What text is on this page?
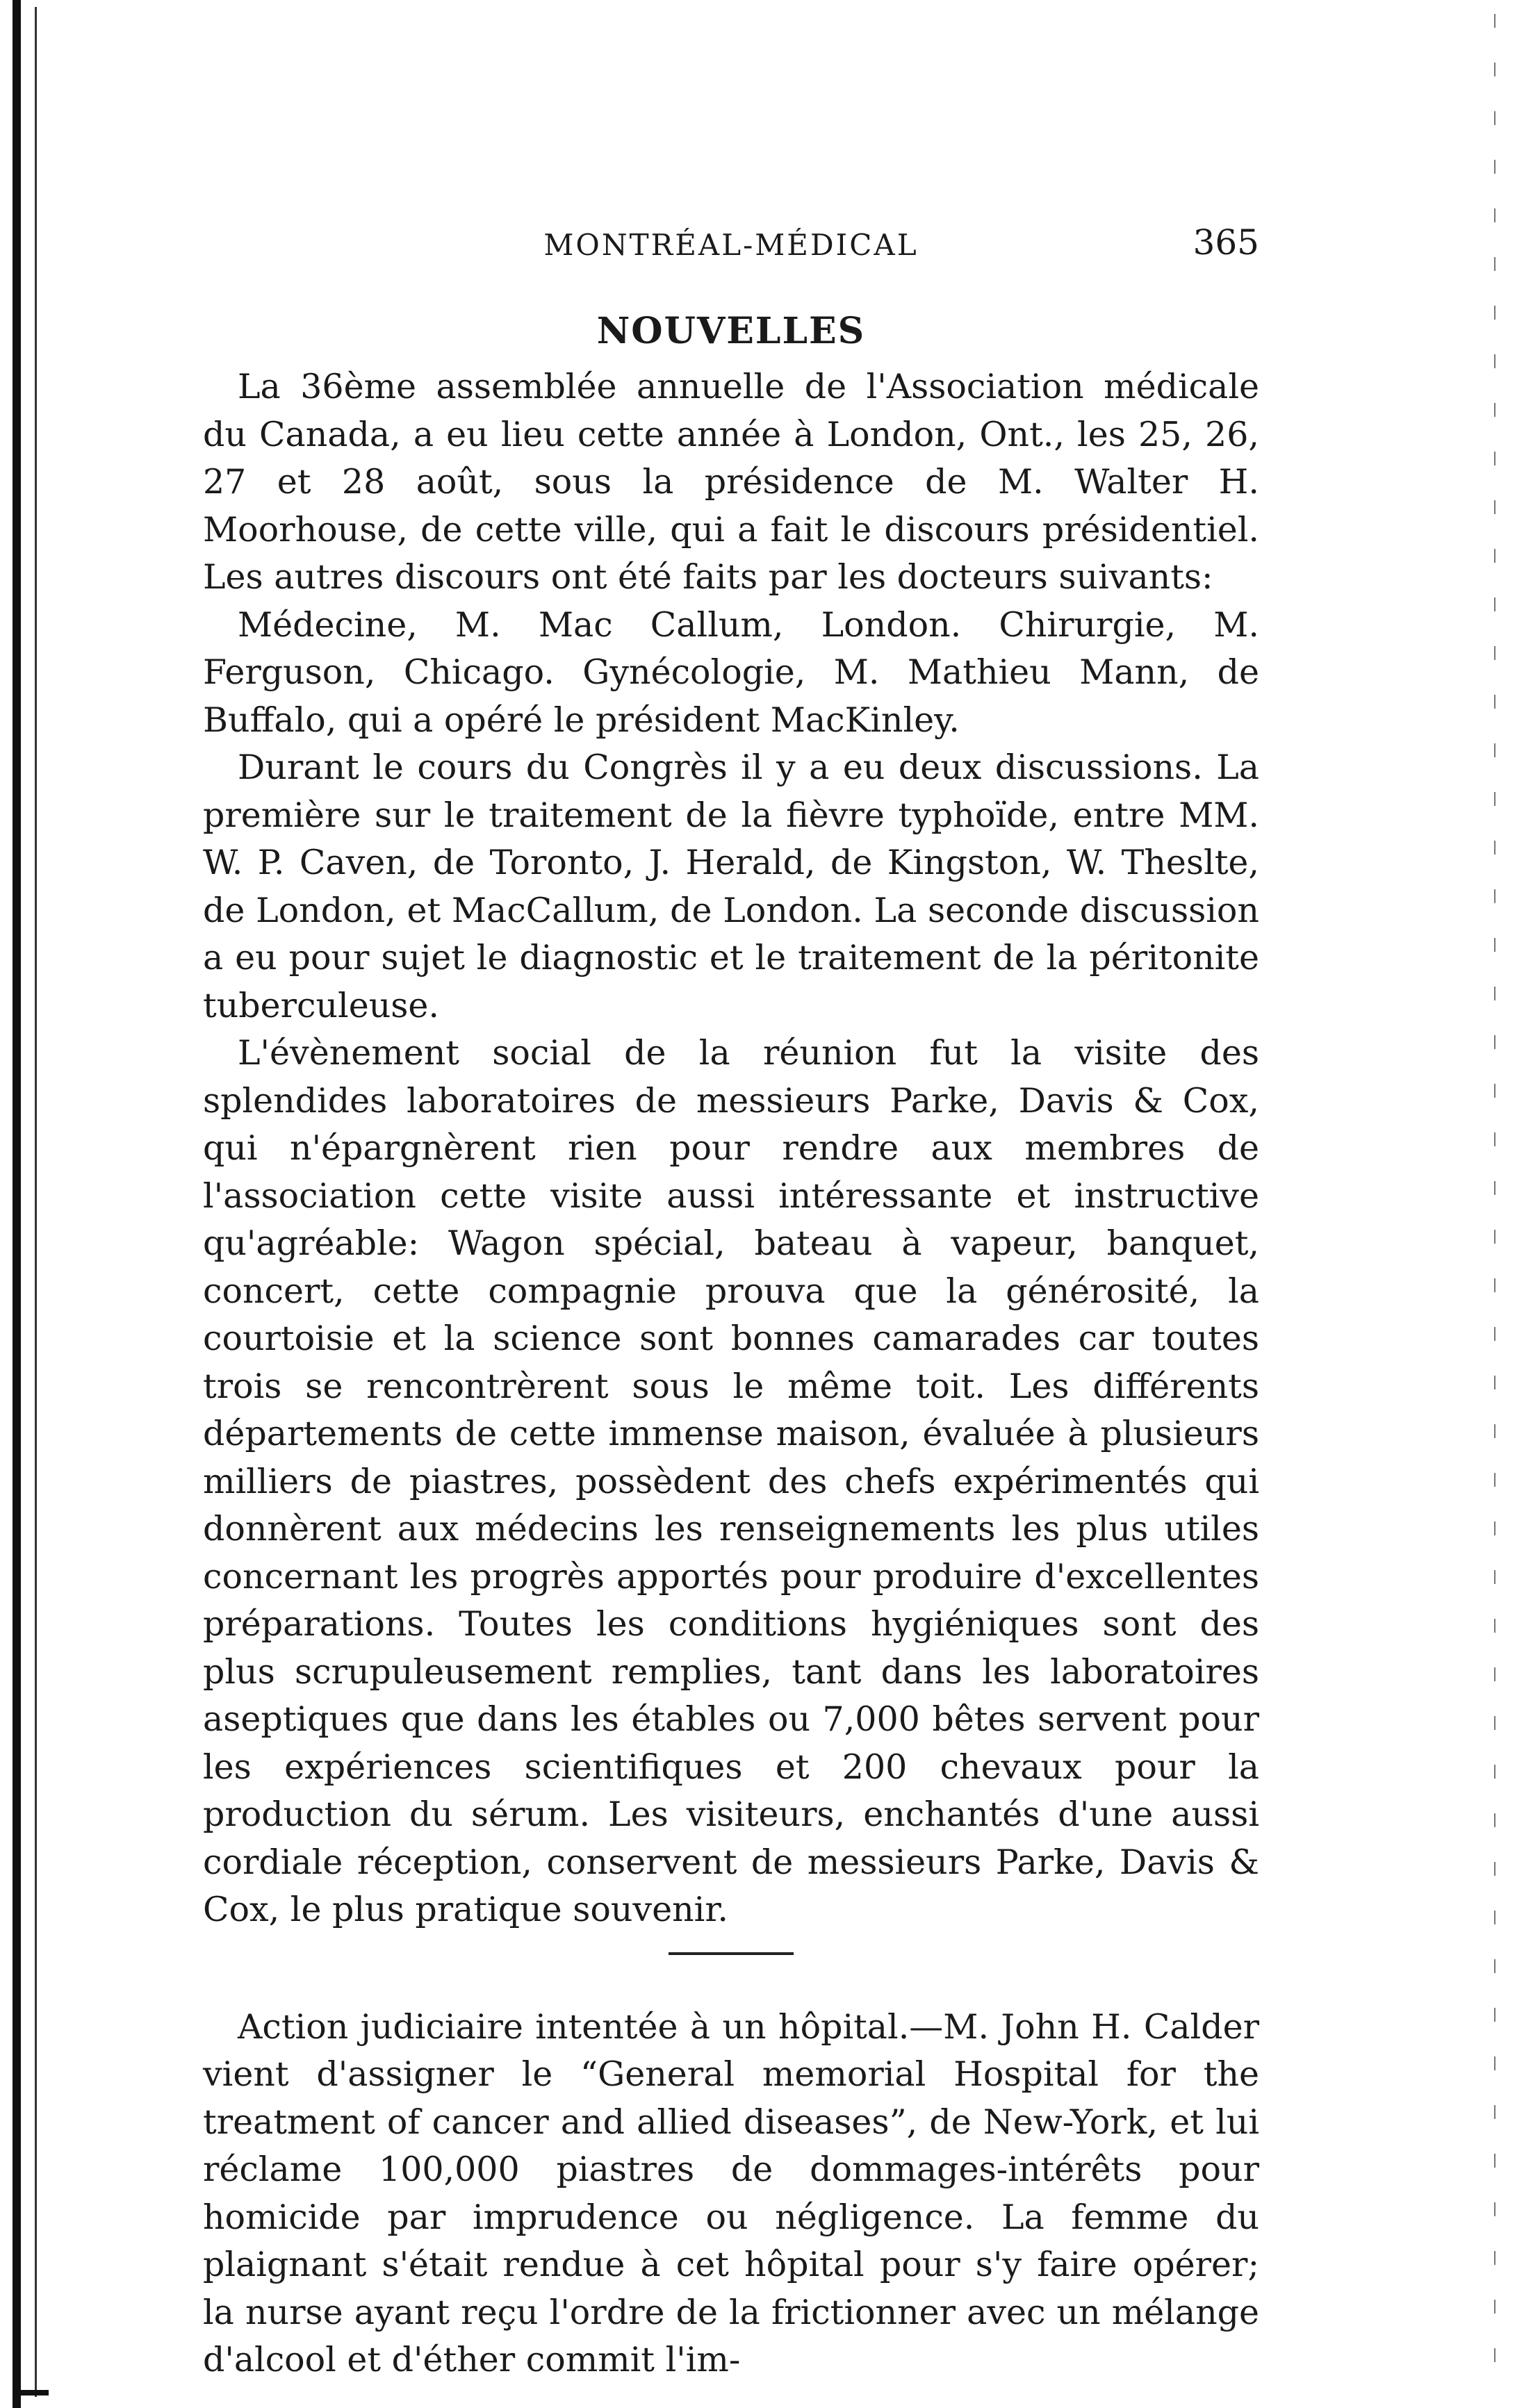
MONTRÉAL-MÉDICAL	365
NOUVELLES

La 36ème assemblée annuelle de l'Association médicale du Canada, a eu lieu cette année à London, Ont., les 25, 26, 27 et 28 août, sous la présidence de M. Walter H. Moorhouse, de cette ville, qui a fait le discours présidentiel. Les autres discours ont été faits par les docteurs suivants:

Médecine, M. Mac Callum, London. Chirurgie, M. Ferguson, Chicago. Gynécologie, M. Mathieu Mann, de Buffalo, qui a opéré le président MacKinley.

Durant le cours du Congrès il y a eu deux discussions. La première sur le traitement de la fièvre typhoïde, entre MM. W. P. Caven, de Toronto, J. Herald, de Kingston, W. Theslte, de London, et MacCallum, de London. La seconde discussion a eu pour sujet le diagnostic et le traitement de la péritonite tuberculeuse.

L'évènement social de la réunion fut la visite des splendides laboratoires de messieurs Parke, Davis & Cox, qui n'épargnèrent rien pour rendre aux membres de l'association cette visite aussi intéressante et instructive qu'agréable: Wagon spécial, bateau à vapeur, banquet, concert, cette compagnie prouva que la générosité, la courtoisie et la science sont bonnes camarades car toutes trois se rencontrèrent sous le même toit. Les différents départements de cette immense maison, évaluée à plusieurs milliers de piastres, possèdent des chefs expérimentés qui donnèrent aux médecins les renseignements les plus utiles concernant les progrès apportés pour produire d'excellentes préparations. Toutes les conditions hygiéniques sont des plus scrupuleusement remplies, tant dans les laboratoires aseptiques que dans les étables ou 7,000 bêtes servent pour les expériences scientifiques et 200 chevaux pour la production du sérum. Les visiteurs, enchantés d'une aussi cordiale réception, conservent de messieurs Parke, Davis & Cox, le plus pratique souvenir.

Action judiciaire intentée à un hôpital.—M. John H. Calder vient d'assigner le “General memorial Hospital for the treatment of cancer and allied diseases”, de New-York, et lui réclame 100,000 piastres de dommages-intérêts pour homicide par imprudence ou négligence. La femme du plaignant s'était rendue à cet hôpital pour s'y faire opérer; la nurse ayant reçu l'ordre de la frictionner avec un mélange d'alcool et d'éther commit l'im-
